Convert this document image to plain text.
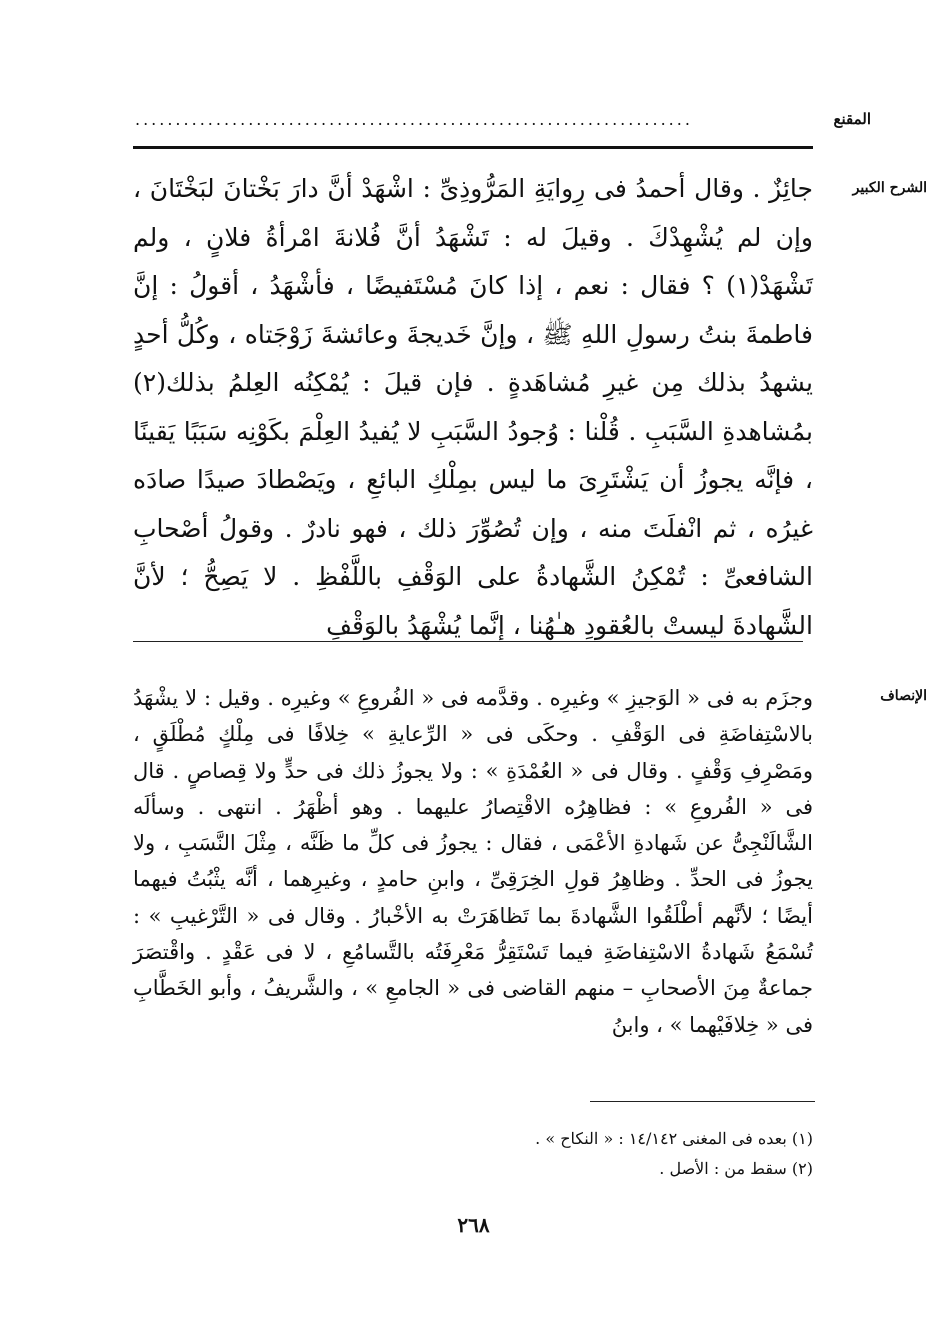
المقنع
.....................................................................
الشرح الكبير

جائِزٌ . وقال أحمدُ فى رِوايَةِ المَرُّوذِىِّ : اشْهَدْ أنَّ دارَ بَخْتانَ لبَخْتَانَ ، وإن لم يُشْهِدْكَ . وقيلَ له : تَشْهَدُ أنَّ فُلانةَ امْرأةُ فلانٍ ، ولم تَشْهَدْ(١) ؟ فقال : نعم ، إذا كانَ مُسْتَفيضًا ، فأشْهَدُ ، أقولُ : إنَّ فاطمةَ بنتُ رسولِ اللهِ ﷺ ، وإنَّ خَديجةَ وعائشةَ زَوْجَتاه ، وكُلُّ أحدٍ يشهدُ بذلك مِن غيرِ مُشاهَدةٍ . فإن قيلَ : يُمْكِنُه العِلمُ بذلك(٢) بمُشاهدةِ السَّبَبِ . قُلْنا : وُجودُ السَّبَبِ لا يُفيدُ العِلْمَ بكَوْنِه سَبَبًا يَقينًا ، فإنَّه يجوزُ أن يَشْتَرِىَ ما ليس بمِلْكِ البائعِ ، ويَصْطادَ صيدًا صادَه غيرُه ، ثم انْفلَتَ منه ، وإن تُصُوِّرَ ذلك ، فهو نادرٌ . وقولُ أصْحابِ الشافعىِّ : تُمْكِنُ الشَّهادةُ على الوَقْفِ باللَّفْظِ . لا يَصِحُّ ؛ لأنَّ الشَّهادةَ ليستْ بالعُقودِ هـٰهُنا ، إنَّما يُشْهَدُ بالوَقْفِ

الإنصاف

وجزَم به فى « الوَجيزِ » وغيرِه . وقدَّمه فى « الفُروعِ » وغيرِه . وقيل : لا يشْهَدُ بالاسْتِفاضَةِ فى الوَقْفِ . وحكَى فى « الرِّعايةِ » خِلافًا فى مِلْكٍ مُطْلَقٍ ، ومَصْرِفِ وَقْفٍ . وقال فى « العُمْدَةِ » : ولا يجوزُ ذلك فى حدٍّ ولا قِصاصٍ . قال فى « الفُروعِ » : فظاهِرُه الاقْتِصارُ عليهما . وهو أظْهَرُ . انتهى . وسألَه الشَّالَنْجِىُّ عن شَهادةِ الأعْمَى ، فقال : يجوزُ فى كلِّ ما ظَنَّه ، مِثْلَ النَّسَبِ ، ولا يجوزُ فى الحدِّ . وظاهِرُ قولِ الخِرَقِىِّ ، وابنِ حامدٍ ، وغيرِهما ، أنَّه يثْبُتُ فيهما أيضًا ؛ لأنَّهم أطْلَقُوا الشَّهادةَ بما تَظاهَرَتْ به الأخْبارُ . وقال فى « التَّرْغيبِ » : تُسْمَعُ شَهادةُ الاسْتِفاضَةِ فيما تَسْتَقِرُّ مَعْرِفَتُه بالتَّسامُعِ ، لا فى عَقْدٍ . واقْتصَرَ جماعةٌ مِنَ الأصحابِ – منهم القاضى فى « الجامعِ » ، والشَّريفُ ، وأبو الخَطَّابِ فى « خِلافَيْهما » ، وابنُ

(١) بعده فى المغنى ١٤/١٤٢ : « النكاح » .
(٢) سقط من : الأصل .
٢٦٨
